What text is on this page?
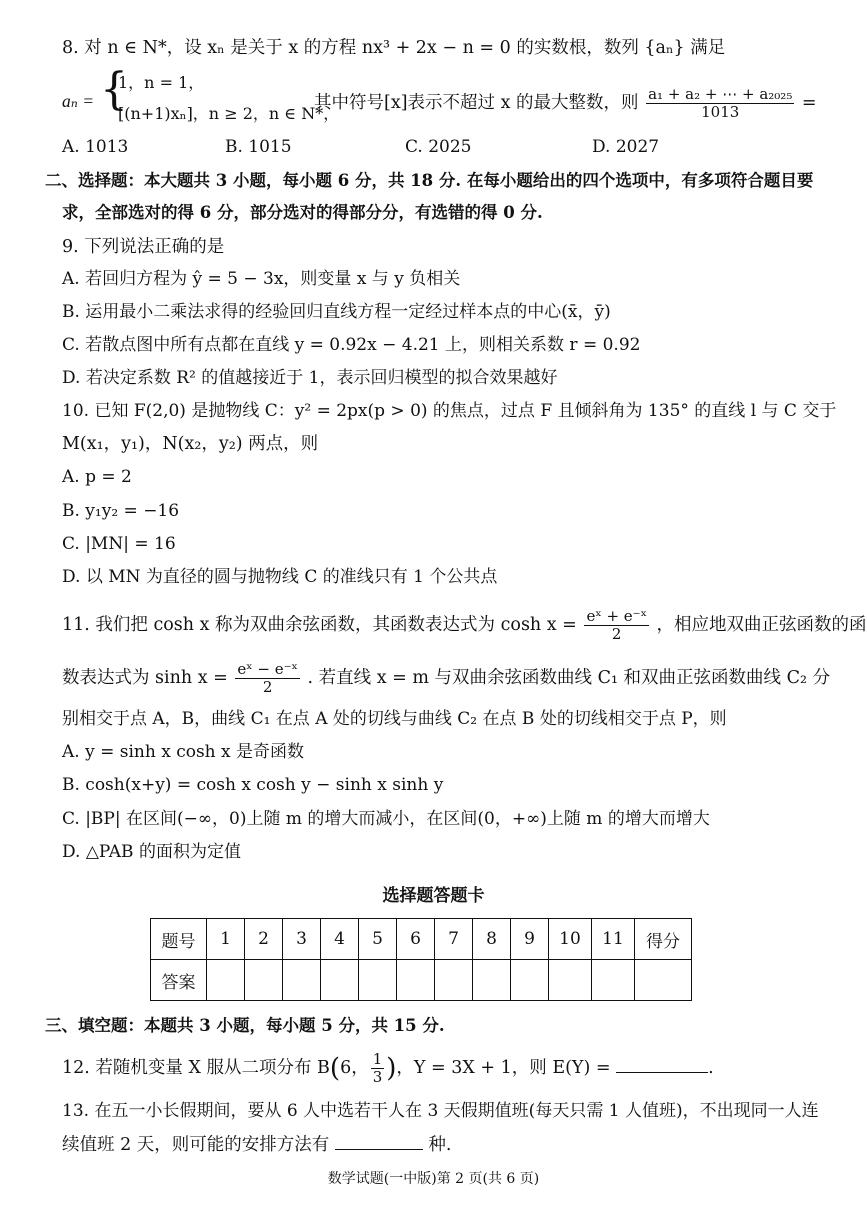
8. 对 n ∈ N*，设 xₙ 是关于 x 的方程 nx³ + 2x − n = 0 的实数根，数列 {aₙ} 满足
aₙ = {
1，n = 1，
[(n+1)xₙ]，n ≥ 2，n ∈ N*，
其中符号[x]表示不超过 x 的最大整数，则 $\frac{\text{a₁ + a₂ + ⋯ + a₂₀₂₅}}{1013}$ =
A. 1013	B. 1015	C. 2025	D. 2027
二、选择题：本大题共 3 小题，每小题 6 分，共 18 分. 在每小题给出的四个选项中，有多项符合题目要
求，全部选对的得 6 分，部分选对的得部分分，有选错的得 0 分.
9. 下列说法正确的是
A. 若回归方程为 ŷ = 5 − 3x，则变量 x 与 y 负相关
B. 运用最小二乘法求得的经验回归直线方程一定经过样本点的中心(x̄，ȳ)
C. 若散点图中所有点都在直线 y = 0.92x − 4.21 上，则相关系数 r = 0.92
D. 若决定系数 R² 的值越接近于 1，表示回归模型的拟合效果越好
10. 已知 F(2,0) 是抛物线 C：y² = 2px(p > 0) 的焦点，过点 F 且倾斜角为 135° 的直线 l 与 C 交于
M(x₁，y₁)，N(x₂，y₂) 两点，则
A. p = 2
B. y₁y₂ = −16
C. |MN| = 16
D. 以 MN 为直径的圆与抛物线 C 的准线只有 1 个公共点
11. 我们把 cosh x 称为双曲余弦函数，其函数表达式为 $\cosh x = \frac{\text{eˣ + e⁻ˣ}}{2}$ ，相应地双曲正弦函数的函
数表达式为 $\sinh x = \frac{\text{eˣ − e⁻ˣ}}{2}$ . 若直线 x = m 与双曲余弦函数曲线 C₁ 和双曲正弦函数曲线 C₂ 分
别相交于点 A，B，曲线 C₁ 在点 A 处的切线与曲线 C₂ 在点 B 处的切线相交于点 P，则
A. y = sinh x cosh x 是奇函数
B. cosh(x+y) = cosh x cosh y − sinh x sinh y
C. |BP| 在区间(−∞，0)上随 m 的增大而减小，在区间(0，+∞)上随 m 的增大而增大
D. △PAB 的面积为定值
选择题答题卡
题号	1	2	3	4	5	6	7	8	9	10	11	得分
答案												
三、填空题：本题共 3 小题，每小题 5 分，共 15 分.
12. 若随机变量 X 服从二项分布 B(6， $\frac{1}{3}$ )，Y = 3X + 1，则 E(Y) =	.
13. 在五一小长假期间，要从 6 人中选若干人在 3 天假期值班(每天只需 1 人值班)，不出现同一人连
续值班 2 天，则可能的安排方法有	种.
数学试题(一中版)第 2 页(共 6 页)
